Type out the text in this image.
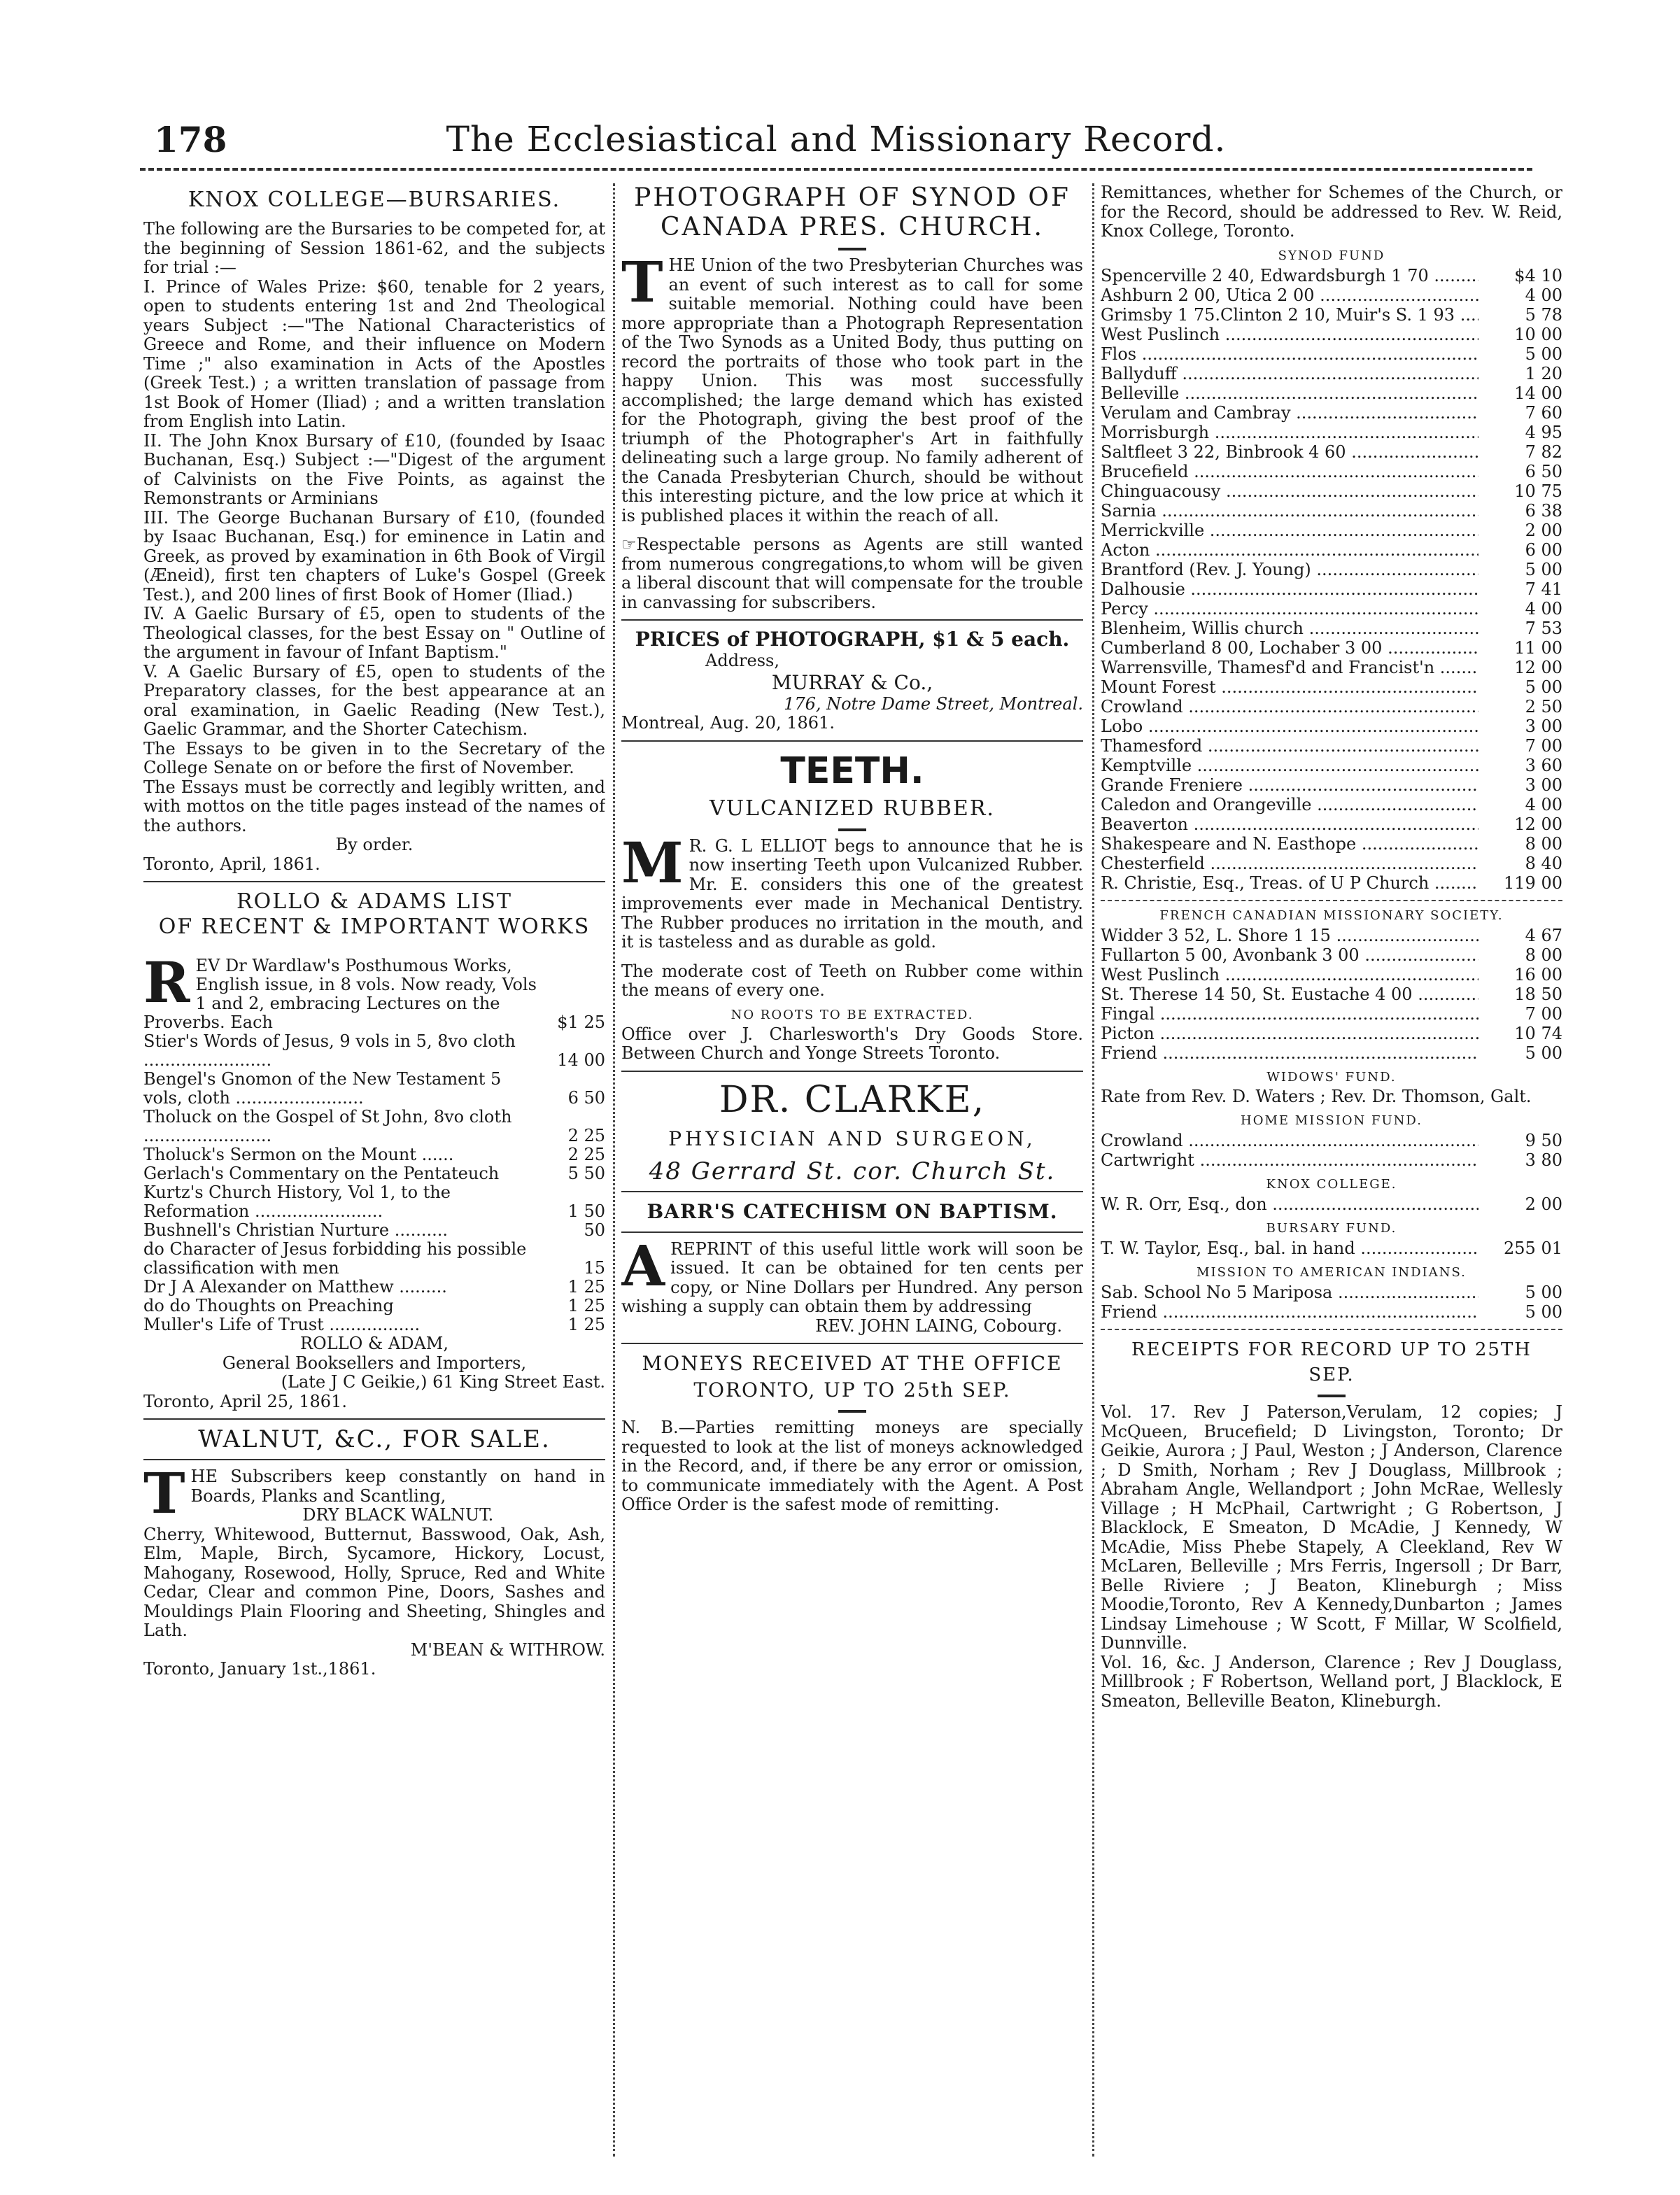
178	The Ecclesiastical and Missionary Record.
KNOX COLLEGE—BURSARIES.

The following are the Bursaries to be competed for, at the beginning of Session 1861-62, and the subjects for trial :—

I. Prince of Wales Prize: $60, tenable for 2 years, open to students entering 1st and 2nd Theological years Subject :—"The National Characteristics of Greece and Rome, and their influence on Modern Time ;" also examination in Acts of the Apostles (Greek Test.) ; a written translation of passage from 1st Book of Homer (Iliad) ; and a written translation from English into Latin.

II. The John Knox Bursary of £10, (founded by Isaac Buchanan, Esq.) Subject :—"Digest of the argument of Calvinists on the Five Points, as against the Remonstrants or Arminians

III. The George Buchanan Bursary of £10, (founded by Isaac Buchanan, Esq.) for eminence in Latin and Greek, as proved by examination in 6th Book of Virgil (Æneid), first ten chapters of Luke's Gospel (Greek Test.), and 200 lines of first Book of Homer (Iliad.)

IV. A Gaelic Bursary of £5, open to students of the Theological classes, for the best Essay on " Outline of the argument in favour of Infant Baptism."

V. A Gaelic Bursary of £5, open to students of the Preparatory classes, for the best appearance at an oral examination, in Gaelic Reading (New Test.), Gaelic Grammar, and the Shorter Catechism.

The Essays to be given in to the Secretary of the College Senate on or before the first of November.

The Essays must be correctly and legibly written, and with mottos on the title pages instead of the names of the authors.

By order.

Toronto, April, 1861.

ROLLO & ADAMS LIST
OF RECENT & IMPORTANT WORKS
REV Dr Wardlaw's Posthumous Works, English issue, in 8 vols. Now ready, Vols 1 and 2, embracing Lectures on the Proverbs. Each	$1 25
Stier's Words of Jesus, 9 vols in 5, 8vo cloth ........................	14 00
Bengel's Gnomon of the New Testament 5 vols, cloth ........................	6 50
Tholuck on the Gospel of St John, 8vo cloth ........................	2 25
Tholuck's Sermon on the Mount ......	2 25
Gerlach's Commentary on the Pentateuch	5 50
Kurtz's Church History, Vol 1, to the Reformation ........................	1 50
Bushnell's Christian Nurture ..........	50
do Character of Jesus forbidding his possible classification with men	15
Dr J A Alexander on Matthew .........	1 25
do do Thoughts on Preaching	1 25
Muller's Life of Trust .................	1 25

ROLLO & ADAM,

General Booksellers and Importers,

(Late J C Geikie,) 61 King Street East.

Toronto, April 25, 1861.

WALNUT, &C., FOR SALE.

THE Subscribers keep constantly on hand in Boards, Planks and Scantling,

DRY BLACK WALNUT.

Cherry, Whitewood, Butternut, Basswood, Oak, Ash, Elm, Maple, Birch, Sycamore, Hickory, Locust, Mahogany, Rosewood, Holly, Spruce, Red and White Cedar, Clear and common Pine, Doors, Sashes and Mouldings Plain Flooring and Sheeting, Shingles and Lath.

M'BEAN & WITHROW.

Toronto, January 1st.,1861.

PHOTOGRAPH OF SYNOD OF
CANADA PRES. CHURCH.

THE Union of the two Presbyterian Churches was an event of such interest as to call for some suitable memorial. Nothing could have been more appropriate than a Photograph Representation of the Two Synods as a United Body, thus putting on record the portraits of those who took part in the happy Union. This was most successfully accomplished; the large demand which has existed for the Photograph, giving the best proof of the triumph of the Photographer's Art in faithfully delineating such a large group. No family adherent of the Canada Presbyterian Church, should be without this interesting picture, and the low price at which it is published places it within the reach of all.

☞Respectable persons as Agents are still wanted from numerous congregations,to whom will be given a liberal discount that will compensate for the trouble in canvassing for subscribers.

PRICES of PHOTOGRAPH, $1 & 5 each.

Address,

MURRAY & Co.,

176, Notre Dame Street, Montreal.

Montreal, Aug. 20, 1861.

TEETH.
VULCANIZED RUBBER.

M R. G. L ELLIOT begs to announce that he is now inserting Teeth upon Vulcanized Rubber. Mr. E. considers this one of the greatest improvements ever made in Mechanical Dentistry. The Rubber produces no irritation in the mouth, and it is tasteless and as durable as gold.

The moderate cost of Teeth on Rubber come within the means of every one.

NO ROOTS TO BE EXTRACTED.

Office over J. Charlesworth's Dry Goods Store. Between Church and Yonge Streets Toronto.

DR. CLARKE,
PHYSICIAN AND SURGEON,
48 Gerrard St. cor. Church St.
BARR'S CATECHISM ON BAPTISM.

AREPRINT of this useful little work will soon be issued. It can be obtained for ten cents per copy, or Nine Dollars per Hundred. Any person wishing a supply can obtain them by addressing

REV. JOHN LAING, Cobourg.

MONEYS RECEIVED AT THE OFFICE
TORONTO, UP TO 25th SEP.

N. B.—Parties remitting moneys are specially requested to look at the list of moneys acknowledged in the Record, and, if there be any error or omission, to communicate immediately with the Agent. A Post Office Order is the safest mode of remitting.

Remittances, whether for Schemes of the Church, or for the Record, should be addressed to Rev. W. Reid, Knox College, Toronto.

SYNOD FUND
Spencerville 2 40, Edwardsburgh 1 70 .....	$4 10
Ashburn 2 00, Utica 2 00 .....	4 00
Grimsby 1 75.Clinton 2 10, Muir's S. 1 93 .....	5 78
West Puslinch .....	10 00
Flos .....	5 00
Ballyduff .....	1 20
Belleville .....	14 00
Verulam and Cambray .....	7 60
Morrisburgh .....	4 95
Saltfleet 3 22, Binbrook 4 60 .....	7 82
Brucefield .....	6 50
Chinguacousy .....	10 75
Sarnia .....	6 38
Merrickville .....	2 00
Acton .....	6 00
Brantford (Rev. J. Young) .....	5 00
Dalhousie .....	7 41
Percy .....	4 00
Blenheim, Willis church .....	7 53
Cumberland 8 00, Lochaber 3 00 .....	11 00
Warrensville, Thamesf'd and Francist'n .....	12 00
Mount Forest .....	5 00
Crowland .....	2 50
Lobo .....	3 00
Thamesford .....	7 00
Kemptville .....	3 60
Grande Freniere .....	3 00
Caledon and Orangeville .....	4 00
Beaverton .....	12 00
Shakespeare and N. Easthope .....	8 00
Chesterfield .....	8 40
R. Christie, Esq., Treas. of U P Church .....	119 00
FRENCH CANADIAN MISSIONARY SOCIETY.
Widder 3 52, L. Shore 1 15 .....	4 67
Fullarton 5 00, Avonbank 3 00 .....	8 00
West Puslinch .....	16 00
St. Therese 14 50, St. Eustache 4 00 .....	18 50
Fingal .....	7 00
Picton .....	10 74
Friend .....	5 00
WIDOWS' FUND.

Rate from Rev. D. Waters ; Rev. Dr. Thomson, Galt.

HOME MISSION FUND.
Crowland .....	9 50
Cartwright .....	3 80
KNOX COLLEGE.
W. R. Orr, Esq., don .....	2 00
BURSARY FUND.
T. W. Taylor, Esq., bal. in hand .....	255 01
MISSION TO AMERICAN INDIANS.
Sab. School No 5 Mariposa .....	5 00
Friend .....	5 00
RECEIPTS FOR RECORD UP TO 25TH
SEP.

Vol. 17. Rev J Paterson,Verulam, 12 copies; J McQueen, Brucefield; D Livingston, Toronto; Dr Geikie, Aurora ; J Paul, Weston ; J Anderson, Clarence ; D Smith, Norham ; Rev J Douglass, Millbrook ; Abraham Angle, Wellandport ; John McRae, Wellesly Village ; H McPhail, Cartwright ; G Robertson, J Blacklock, E Smeaton, D McAdie, J Kennedy, W McAdie, Miss Phebe Stapely, A Cleekland, Rev W McLaren, Belleville ; Mrs Ferris, Ingersoll ; Dr Barr, Belle Riviere ; J Beaton, Klineburgh ; Miss Moodie,Toronto, Rev A Kennedy,Dunbarton ; James Lindsay Limehouse ; W Scott, F Millar, W Scolfield, Dunnville.

Vol. 16, &c. J Anderson, Clarence ; Rev J Douglass, Millbrook ; F Robertson, Welland port, J Blacklock, E Smeaton, Belleville Beaton, Klineburgh.
